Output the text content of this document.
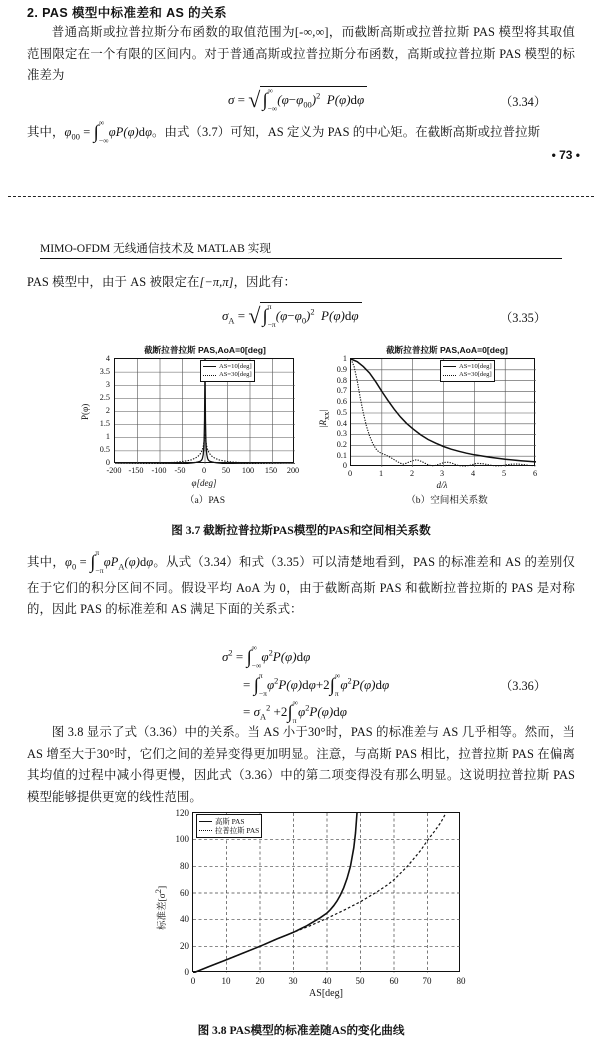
2. PAS 模型中标准差和 AS 的关系
普通高斯或拉普拉斯分布函数的取值范围为[-∞,∞]，而截断高斯或拉普拉斯 PAS 模型将其取值范围限定在一个有限的区间内。对于普通高斯或拉普拉斯分布函数，高斯或拉普拉斯 PAS 模型的标准差为
σ = √ ∫ ∞
−∞
$(\varphi-\varphi_{00})^2$ P(φ)dφ	（3.34）
其中，$\varphi_{00}$ = ∫ ∞
−∞
φP(φ)dφ。由式（3.7）可知，AS 定义为 PAS 的中心矩。在截断高斯或拉普拉斯
• 73 •
MIMO-OFDM 无线通信技术及 MATLAB 实现
PAS 模型中，由于 AS 被限定在[−π,π]，因此有：
$\sigma_A$ = √ ∫ π
−π
$(\varphi-\varphi_0)^2$ P(φ)dφ	（3.35）
截断拉普拉斯 PAS,AoA=0[deg]
4
3.5
3
2.5
2
1.5
1
0.5
0
-200 -150 -100 -50	0	50	100	150	200
φ[deg]
P(φ)
AS=10[deg]
AS=30[deg]
（a）PAS
截断拉普拉斯 PAS,AoA=0[deg]
1
0.9
0.8
0.7
0.6
0.5
0.4
0.3
0.2
0.1
0
0	1	2	3	4	5	6
d/λ
|Rxx|
AS=10[deg]
AS=30[deg]
（b）空间相关系数
图 3.7 截断拉普拉斯PAS模型的PAS和空间相关系数
其中，$\varphi_0$ = ∫ π
−π
$\varphi P_A(\varphi)d\varphi$。从式（3.34）和式（3.35）可以清楚地看到，PAS 的标准差和 AS 的差别仅在于它们的积分区间不同。假设平均 AoA 为 0，由于截断高斯 PAS 和截断拉普拉斯的 PAS 是对称的，因此 PAS 的标准差和 AS 满足下面的关系式：
$\sigma^2$ = ∫ ∞
−∞
$\varphi^2P(\varphi)d\varphi$
= ∫ π
−π
$\varphi^2P(\varphi)d\varphi+2\int$ ∞
π
$\varphi^2P(\varphi)d\varphi$
= $\sigma_A^2 +2\int$ ∞
π
$\varphi^2P(\varphi)d\varphi$
（3.36）
图 3.8 显示了式（3.36）中的关系。当 AS 小于30°时，PAS 的标准差与 AS 几乎相等。然而，当 AS 增至大于30°时，它们之间的差异变得更加明显。注意，与高斯 PAS 相比，拉普拉斯 PAS 在偏离其均值的过程中减小得更慢，因此式（3.36）中的第二项变得没有那么明显。这说明拉普拉斯 PAS 模型能够提供更宽的线性范围。
120
100
80
60
40
20
0
0	10	20	30	40	50	60	70	80
AS[deg]
标准差[σ2]
高斯 PAS
拉普拉斯 PAS
图 3.8 PAS模型的标准差随AS的变化曲线
